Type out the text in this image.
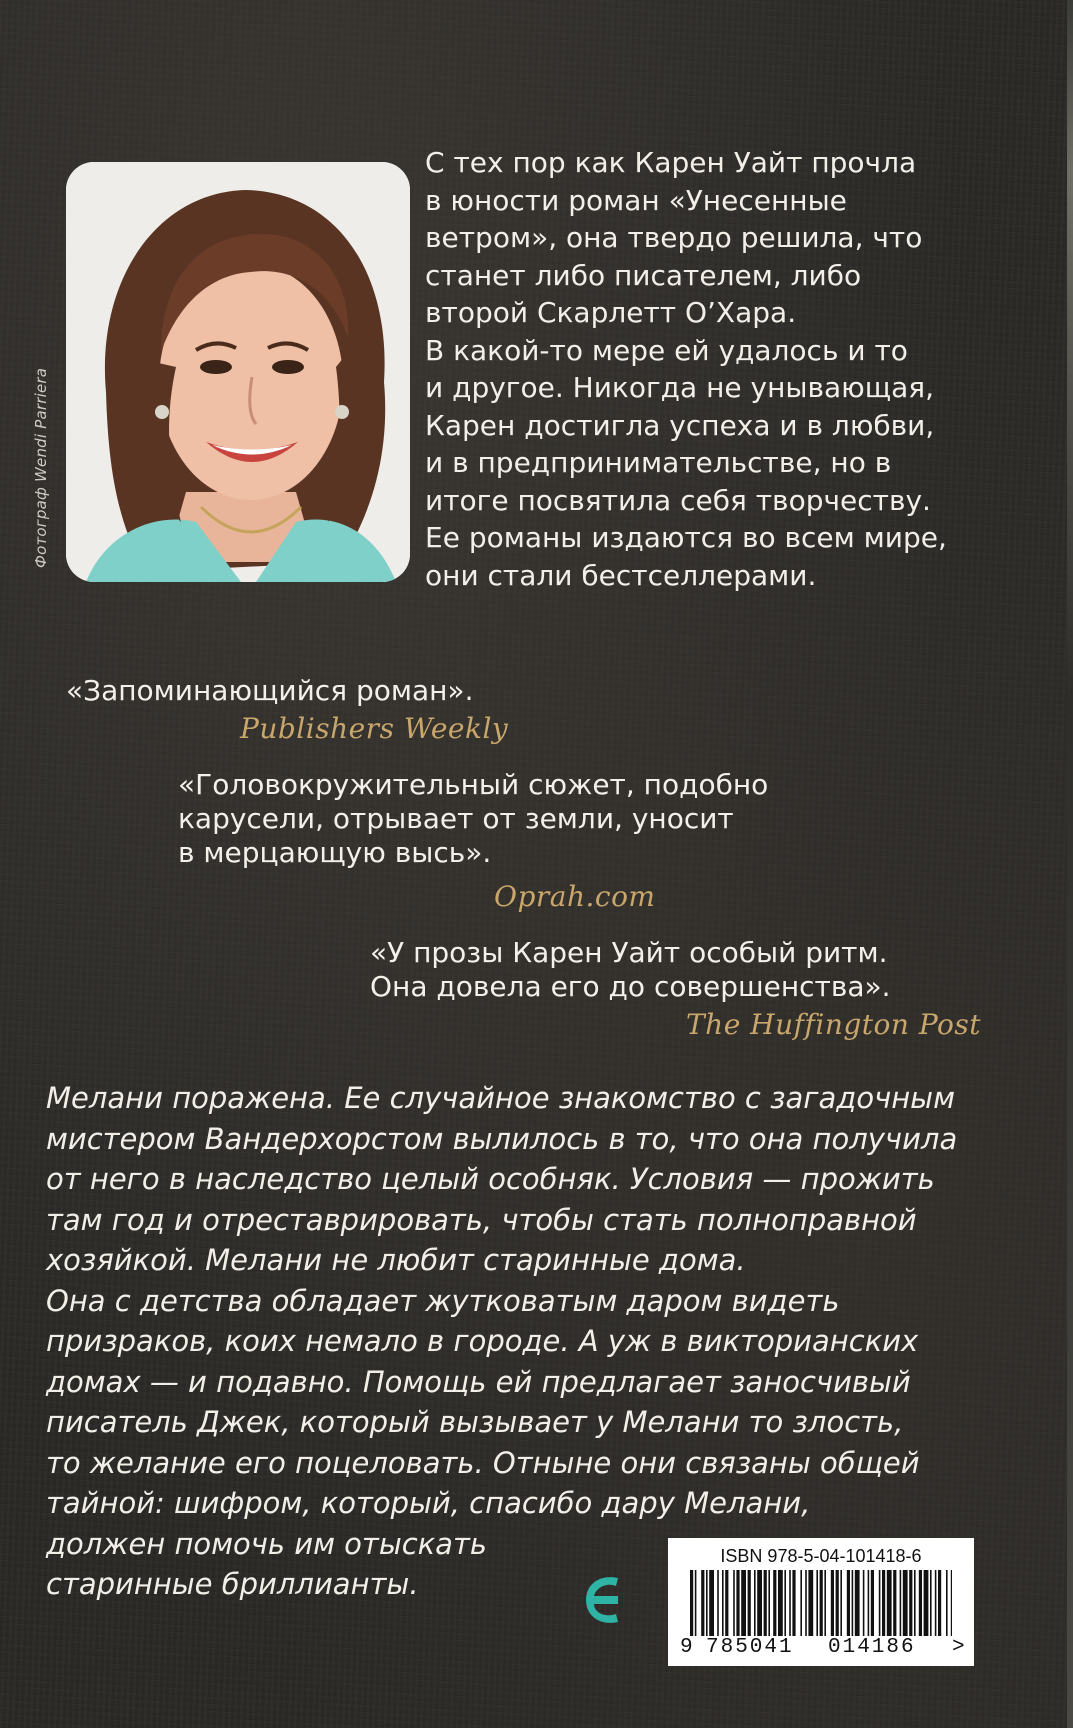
Фотограф Wendi Parriera
С тех пор как Карен Уайт прочла
в юности роман «Унесенные
ветром», она твердо решила, что
станет либо писателем, либо
второй Скарлетт О’Хара.
В какой-то мере ей удалось и то
и другое. Никогда не унывающая,
Карен достигла успеха и в любви,
и в предпринимательстве, но в
итоге посвятила себя творчеству.
Ее романы издаются во всем мире,
они стали бестселлерами.
«Запоминающийся роман».
Publishers Weekly
«Головокружительный сюжет, подобно
карусели, отрывает от земли, уносит
в мерцающую высь».
Oprah.com
«У прозы Карен Уайт особый ритм.
Она довела его до совершенства».
The Huffington Post
Мелани поражена. Ее случайное знакомство с загадочным
мистером Вандерхорстом вылилось в то, что она получила
от него в наследство целый особняк. Условия — прожить
там год и отреставрировать, чтобы стать полноправной
хозяйкой. Мелани не любит старинные дома.
Она с детства обладает жутковатым даром видеть
призраков, коих немало в городе. А уж в викторианских
домах — и подавно. Помощь ей предлагает заносчивый
писатель Джек, который вызывает у Мелани то злость,
то желание его поцеловать. Отныне они связаны общей
тайной: шифром, который, спасибо дару Мелани,
должен помочь им отыскать
старинные бриллианты.
ISBN 978-5-04-101418-6
9 785041 014186 >
